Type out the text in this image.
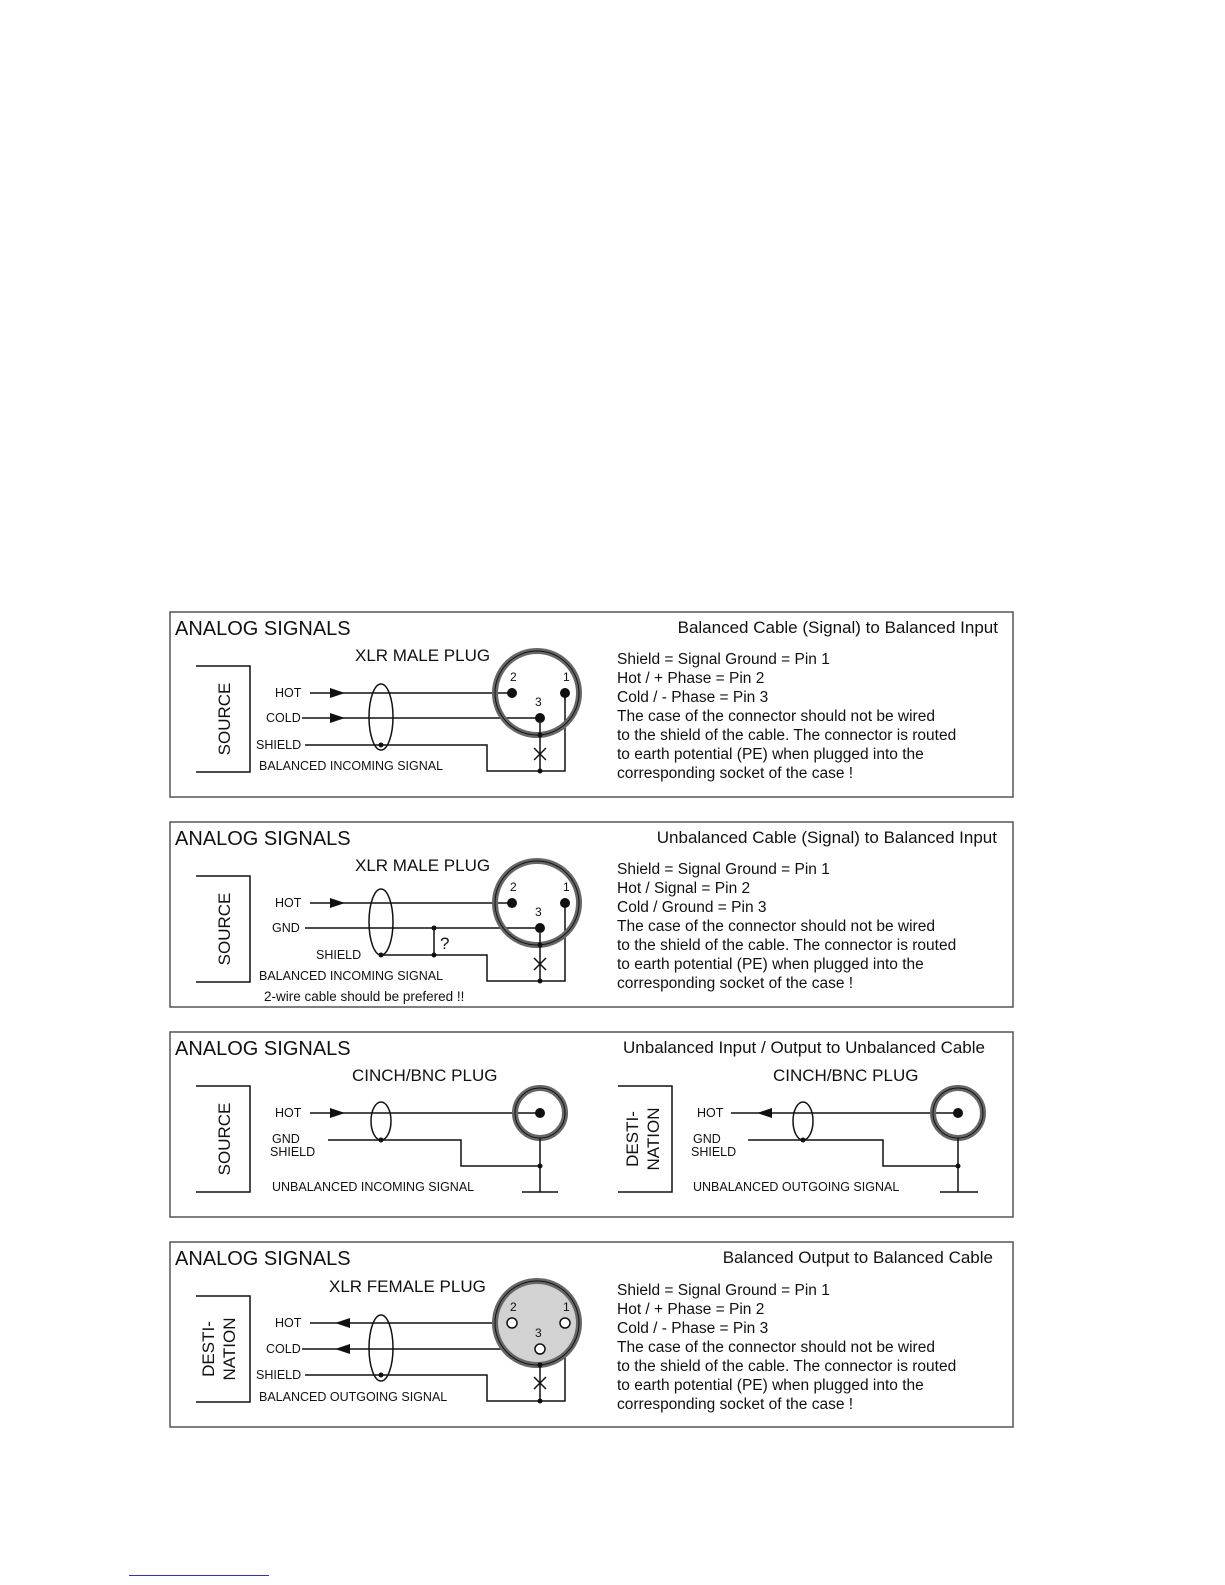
ANALOG SIGNALS	Balanced Cable (Signal) to Balanced Input
XLR MALE PLUG
SOURCE	HOT
COLD
SHIELD
BALANCED INCOMING SIGNAL
2	1
3
Shield = Signal Ground = Pin 1
Hot / + Phase = Pin 2
Cold / - Phase = Pin 3
The case of the connector should not be wired
to the shield of the cable. The connector is routed
to earth potential (PE) when plugged into the
corresponding socket of the case !
ANALOG SIGNALS	Unbalanced Cable (Signal) to Balanced Input
XLR MALE PLUG
SOURCE	HOT
GND
SHIELD
BALANCED INCOMING SIGNAL
2-wire cable should be prefered !!
?
2	1
3
Shield = Signal Ground = Pin 1
Hot / Signal = Pin 2
Cold / Ground = Pin 3
The case of the connector should not be wired
to the shield of the cable. The connector is routed
to earth potential (PE) when plugged into the
corresponding socket of the case !
ANALOG SIGNALS	Unbalanced Input / Output to Unbalanced Cable
CINCH/BNC PLUG
SOURCE	HOT
GND
SHIELD
UNBALANCED INCOMING SIGNAL
CINCH/BNC PLUG
DESTI- NATION	HOT
GND
SHIELD
UNBALANCED OUTGOING SIGNAL
ANALOG SIGNALS	Balanced Output to Balanced Cable
XLR FEMALE PLUG
DESTI- NATION	HOT
COLD
SHIELD
BALANCED OUTGOING SIGNAL
2	1
3
Shield = Signal Ground = Pin 1
Hot / + Phase = Pin 2
Cold / - Phase = Pin 3
The case of the connector should not be wired
to the shield of the cable. The connector is routed
to earth potential (PE) when plugged into the
corresponding socket of the case !
